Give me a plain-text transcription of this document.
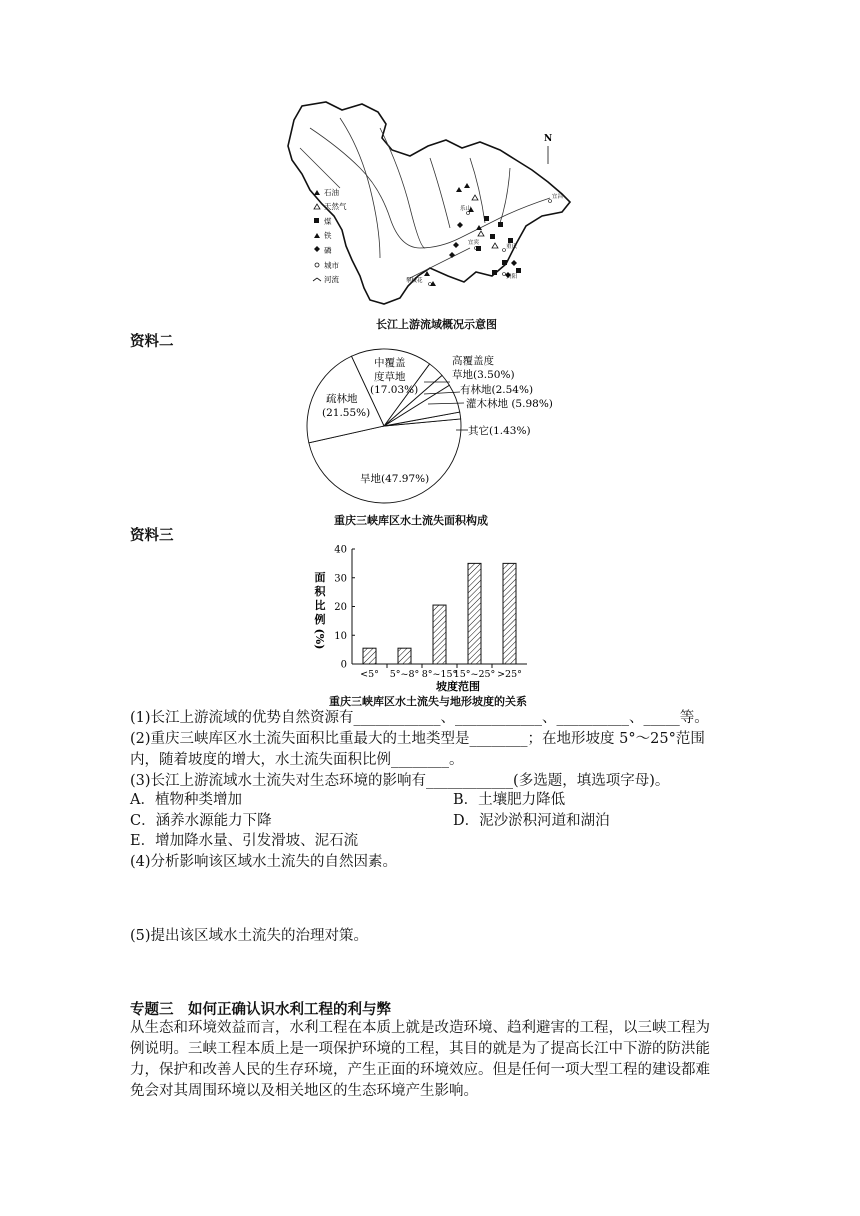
石油
天然气
煤
铁
磷
城市
河流
N
攀枝花
乐山
宜宾
重庆
贵阳
宜昌
长江上游流域概况示意图
资料二
旱地(47.97%)
其它(1.43%)
灌木林地 (5.98%)
有林地(2.54%)
高覆盖度
草地(3.50%)
中覆盖
度草地
(17.03%)
疏林地
(21.55%)
重庆三峡库区水土流失面积构成
资料三
0
10
20
30
40
<5° 5°~8° 8°~15°
15°~25° >25°
面
积
比
例
(%)
坡度范围
重庆三峡库区水土流失与地形坡度的关系
(1)长江上游流域的优势自然资源有____________、____________、__________、_____等。
(2)重庆三峡库区水土流失面积比重最大的土地类型是________；在地形坡度 5°～25°范围
内，随着坡度的增大，水土流失面积比例________。
(3)长江上游流域水土流失对生态环境的影响有____________(多选题，填选项字母)。
A．植物种类增加	B．土壤肥力降低
C．涵养水源能力下降	D．泥沙淤积河道和湖泊
E．增加降水量、引发滑坡、泥石流
(4)分析影响该区域水土流失的自然因素。
(5)提出该区域水土流失的治理对策。
专题三　如何正确认识水利工程的利与弊
从生态和环境效益而言，水利工程在本质上就是改造环境、趋利避害的工程，以三峡工程为
例说明。三峡工程本质上是一项保护环境的工程，其目的就是为了提高长江中下游的防洪能
力，保护和改善人民的生存环境，产生正面的环境效应。但是任何一项大型工程的建设都难
免会对其周围环境以及相关地区的生态环境产生影响。
